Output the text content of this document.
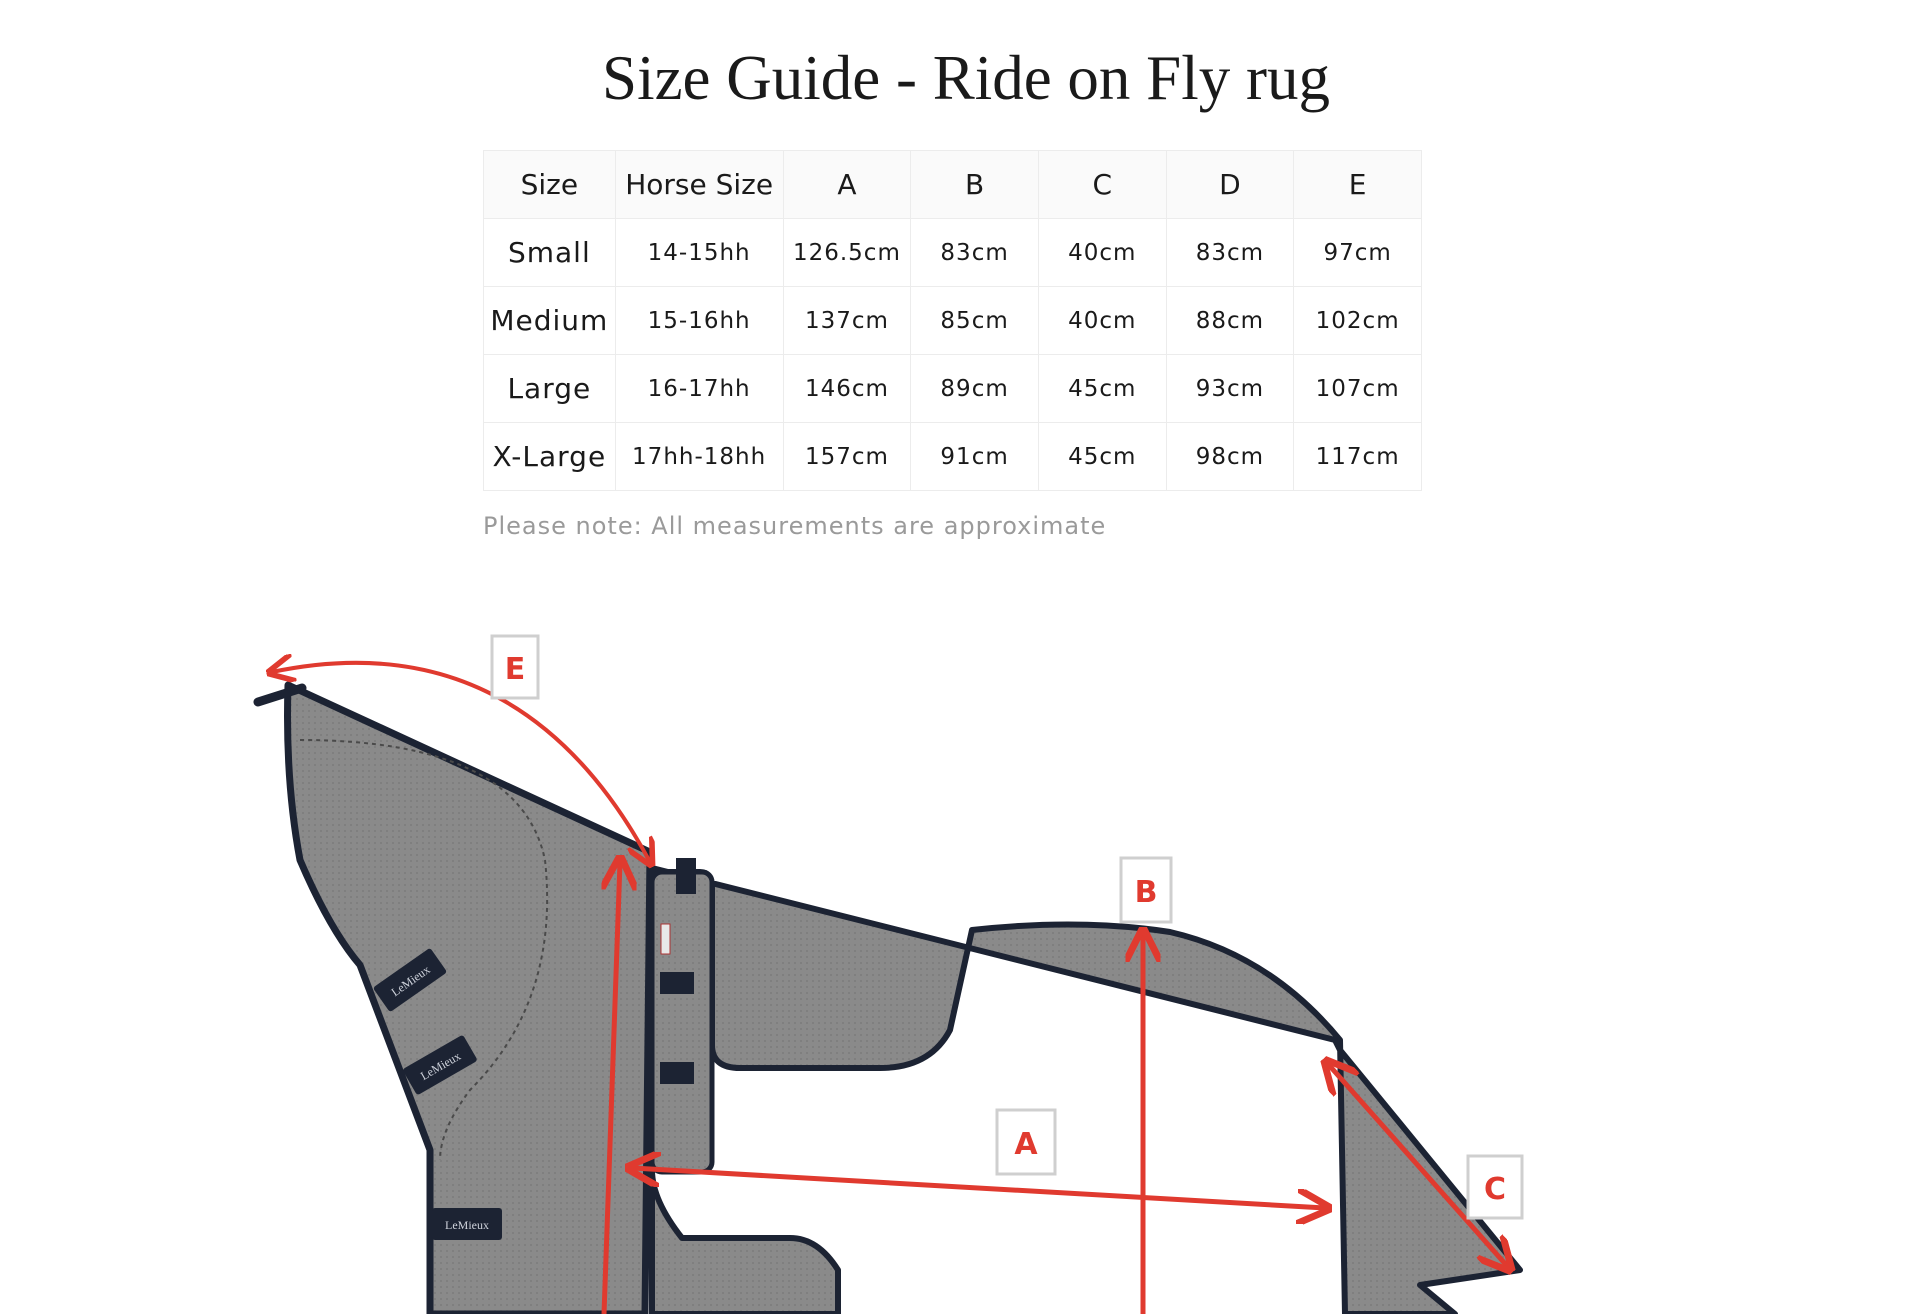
Size Guide - Ride on Fly rug
Size	Horse Size	A	B	C	D	E
Small	14-15hh	126.5cm	83cm	40cm	83cm	97cm
Medium	15-16hh	137cm	85cm	40cm	88cm	102cm
Large	16-17hh	146cm	89cm	45cm	93cm	107cm
X-Large	17hh-18hh	157cm	91cm	45cm	98cm	117cm

Please note: All measurements are approximate

LeMieux
LeMieux
LeMieux
E
B
A
C
